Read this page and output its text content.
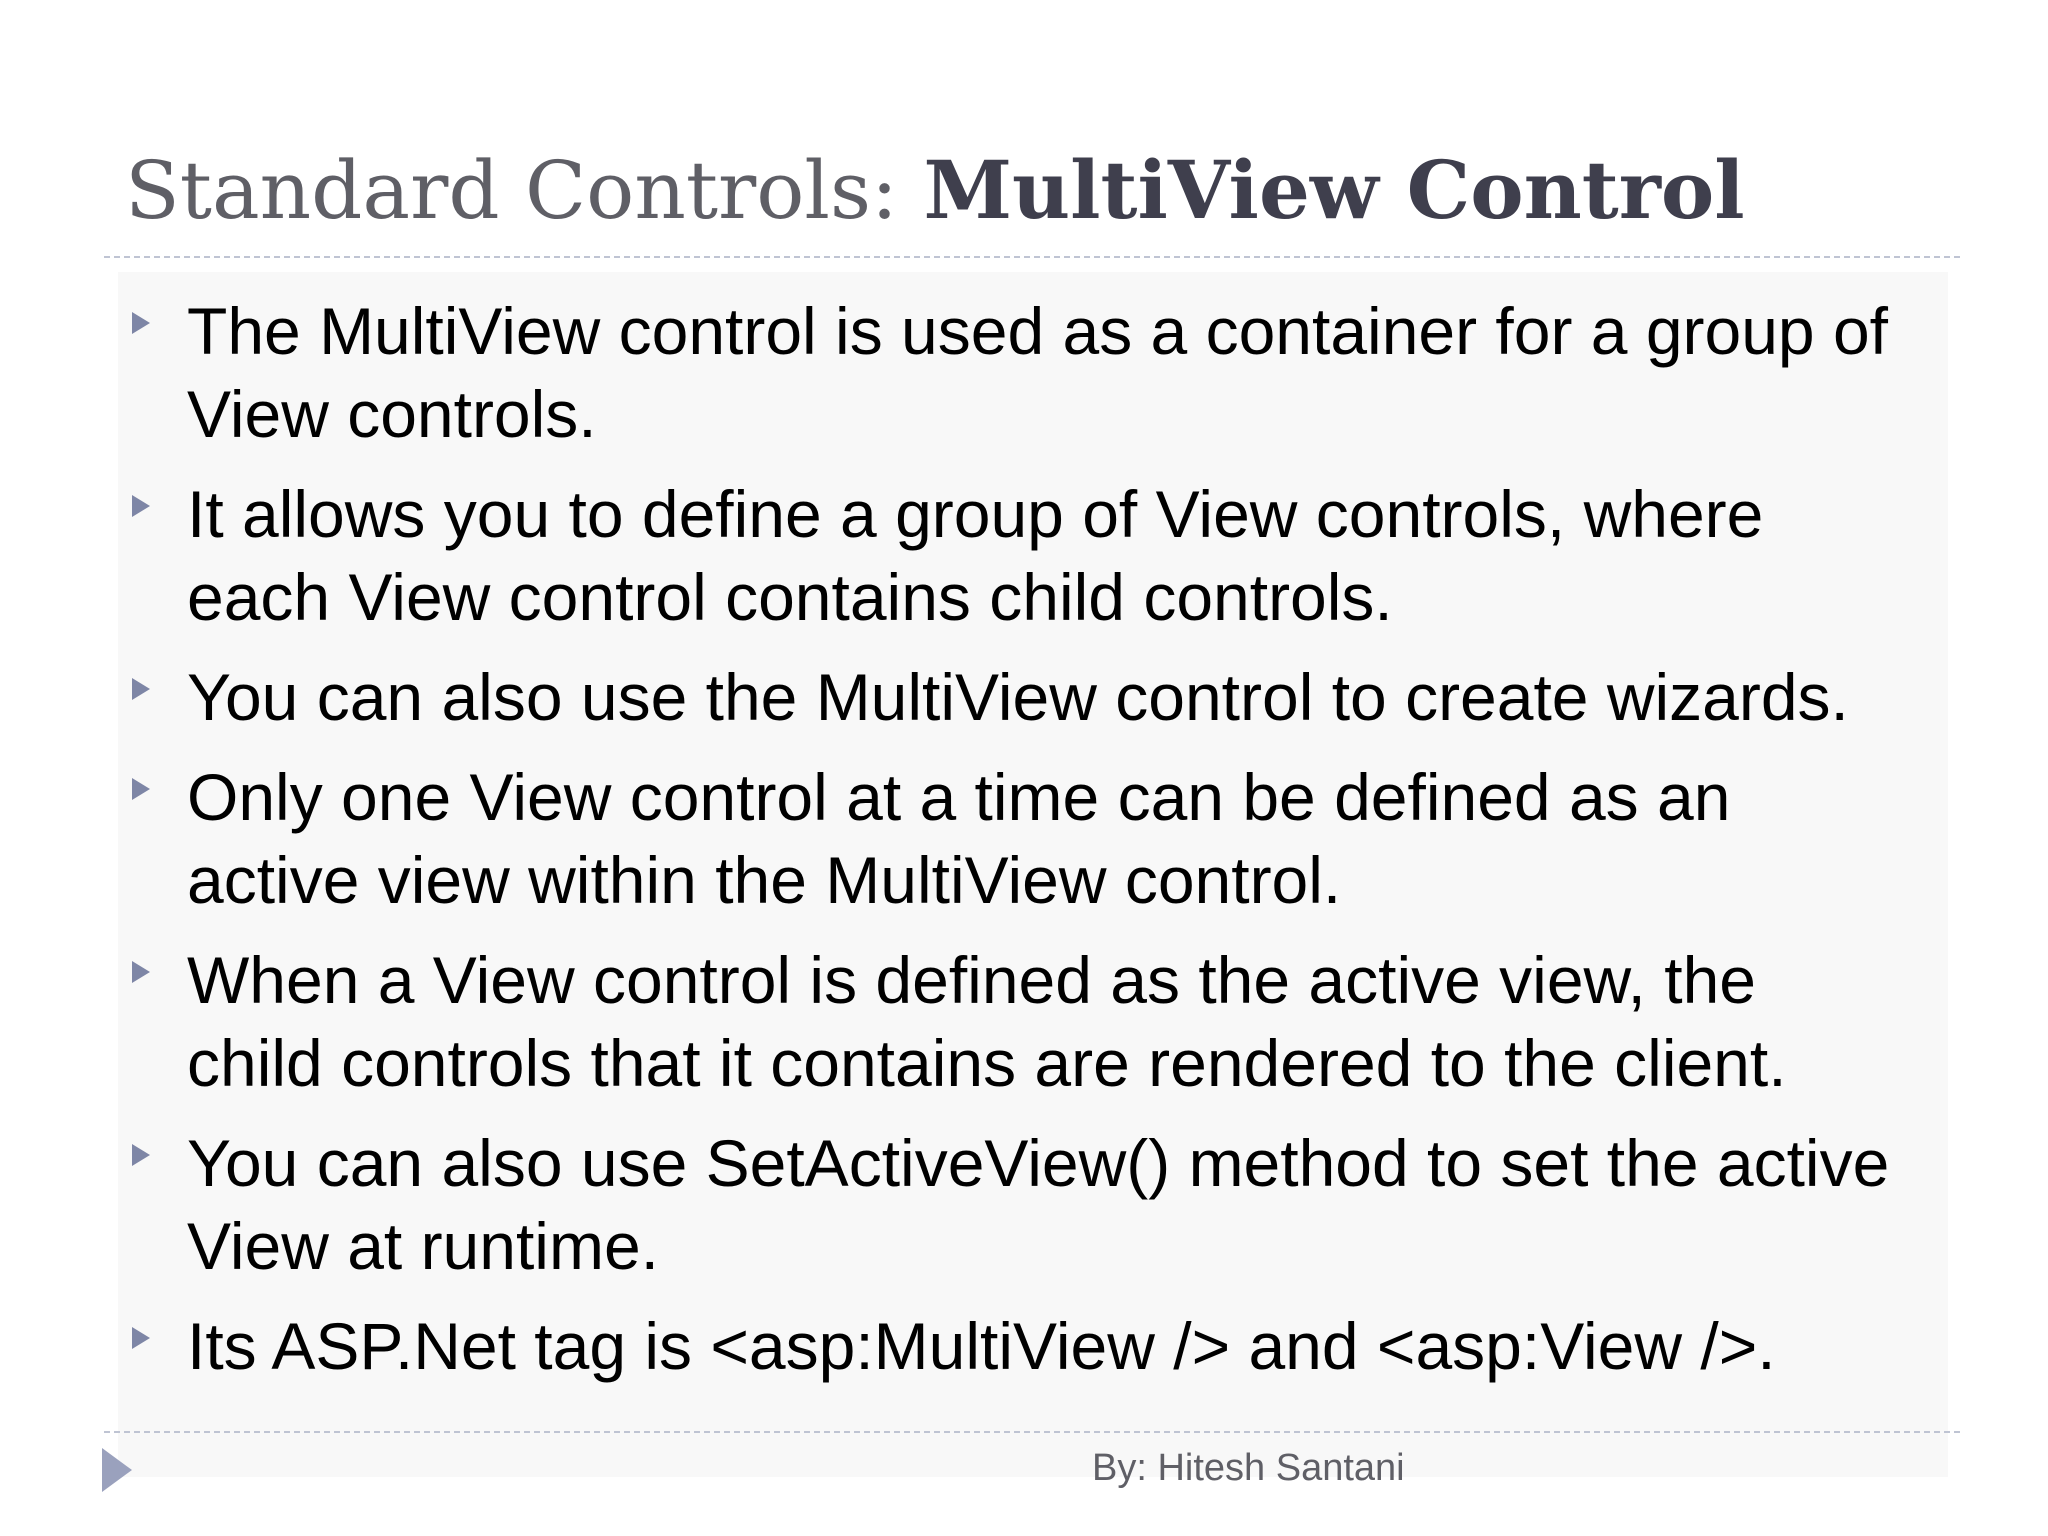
Standard Controls: MultiView Control
The MultiView control is used as a container for a group of View controls.
It allows you to define a group of View controls, where each View control contains child controls.
You can also use the MultiView control to create wizards.
Only one View control at a time can be defined as an active view within the MultiView control.
When a View control is defined as the active view, the child controls that it contains are rendered to the client.
You can also use SetActiveView() method to set the active View at runtime.
Its ASP.Net tag is <asp:MultiView /> and <asp:View />.
By: Hitesh Santani
